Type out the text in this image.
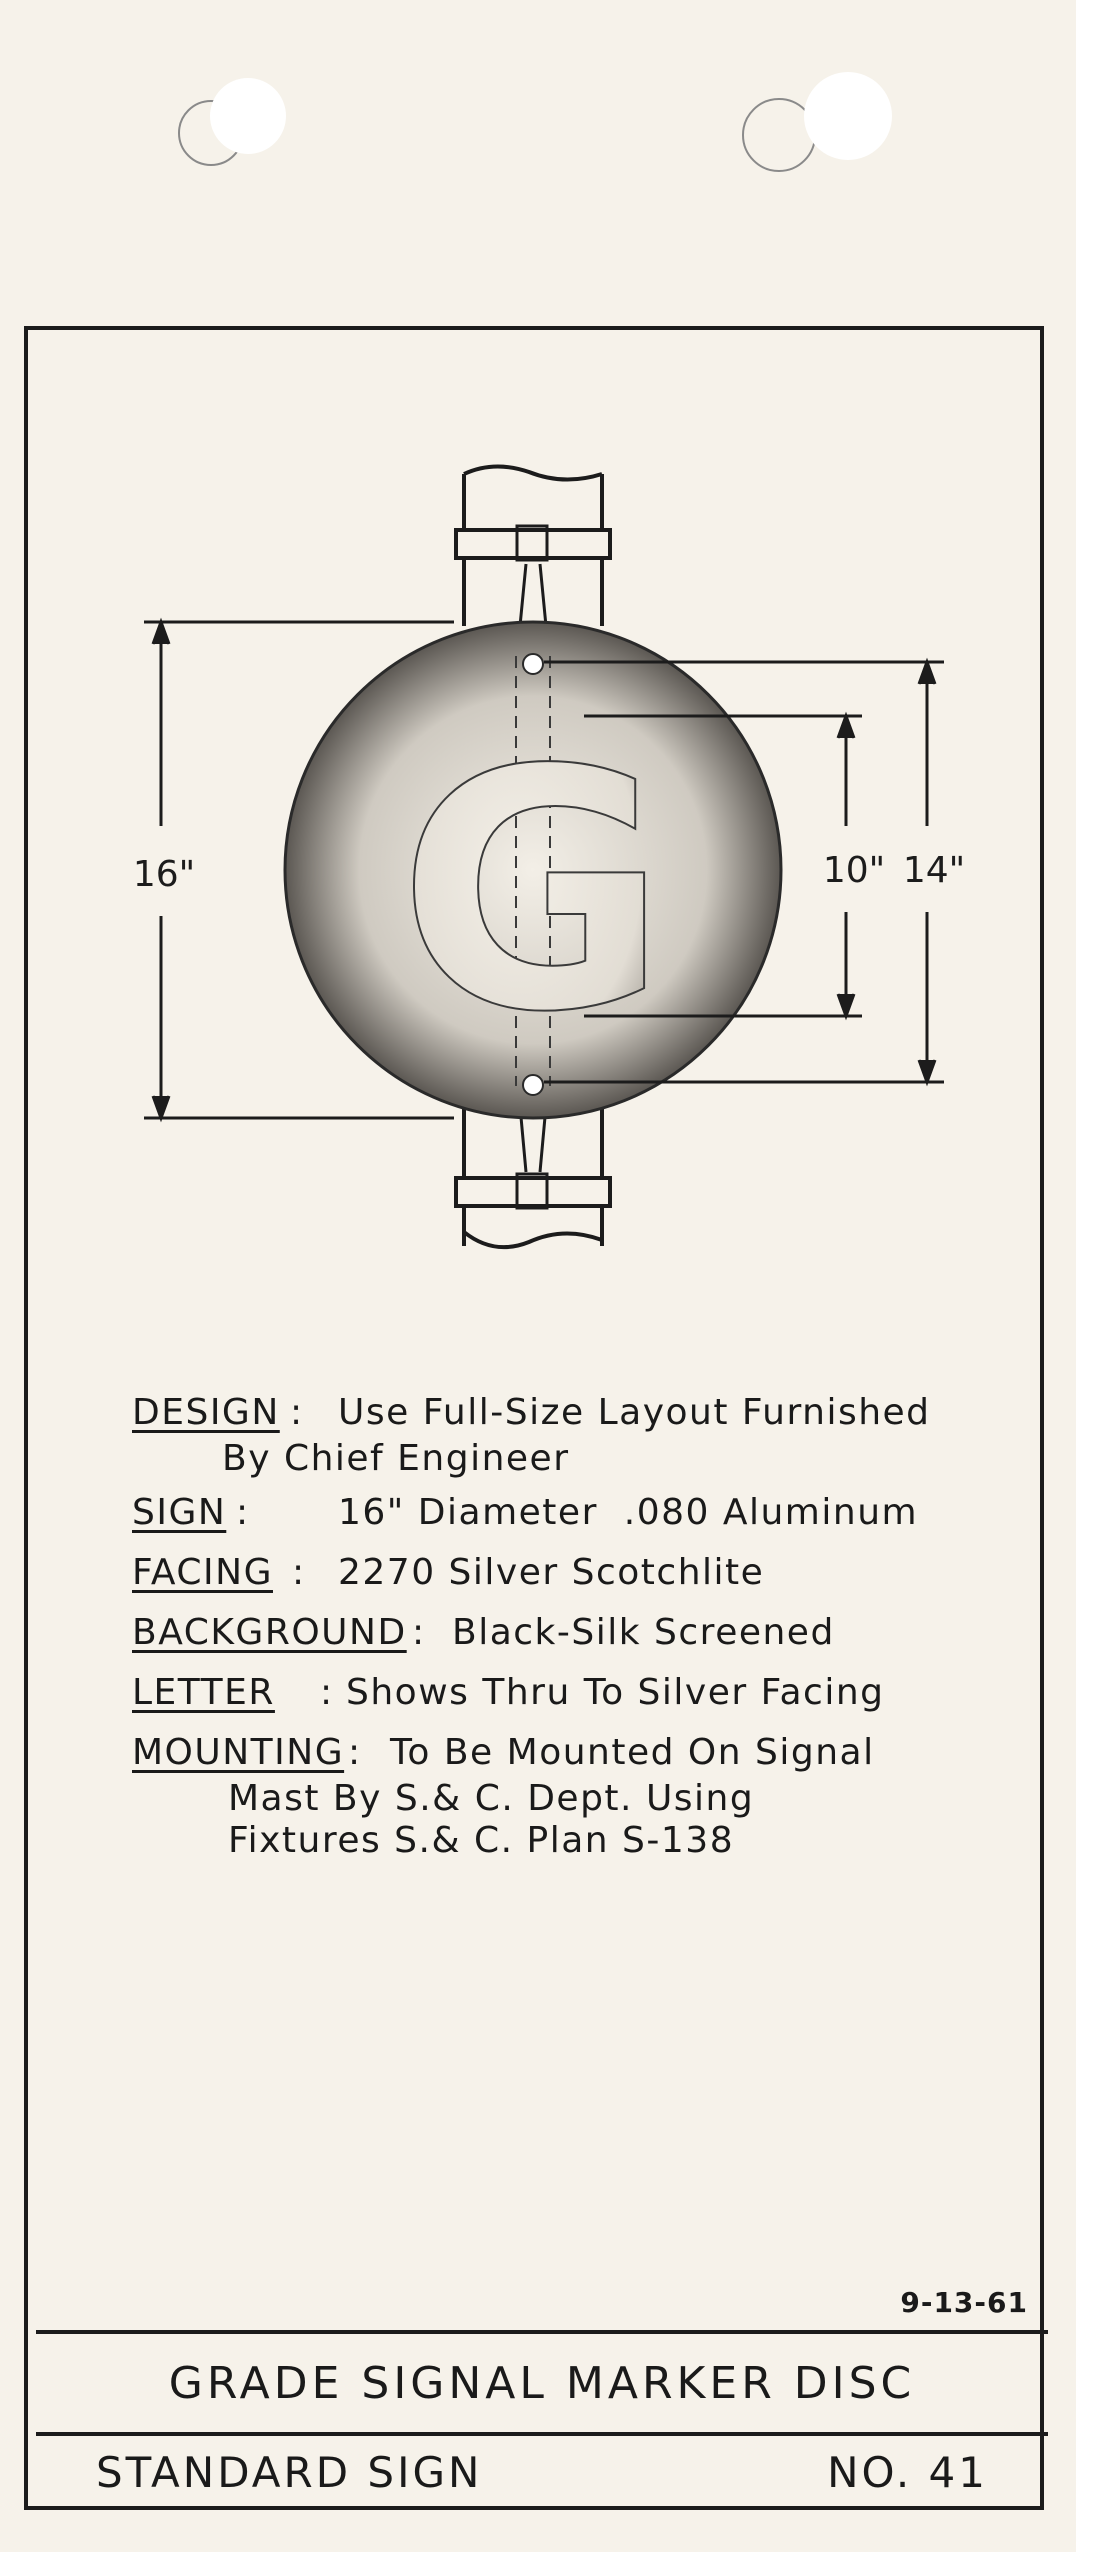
G
16"	10" 14"
DESIGN : Use Full-Size Layout Furnished
By Chief Engineer
SIGN : 16" Diameter  .080 Aluminum
FACING : 2270 Silver Scotchlite
BACKGROUND : Black-Silk Screened
LETTER : Shows Thru To Silver Facing
MOUNTING : To Be Mounted On Signal
Mast By S.& C. Dept. Using
Fixtures S.& C. Plan S-138
9-13-61
GRADE SIGNAL MARKER DISC
STANDARD SIGN	NO. 41
